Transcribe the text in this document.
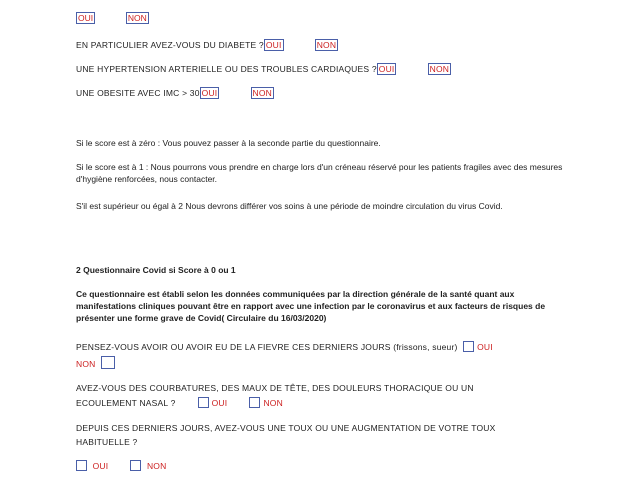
OUI	NON
EN PARTICULIER AVEZ-VOUS DU DIABETE ? OUI	NON
UNE HYPERTENSION ARTERIELLE OU DES TROUBLES CARDIAQUES ? OUI	NON
UNE OBESITE AVEC IMC > 30 OUI	NON
Si le score est à zéro : Vous pouvez passer à la seconde partie du questionnaire.
Si le score est à 1 : Nous pourrons vous prendre en charge lors d'un créneau réservé pour les patients fragiles avec des mesures d'hygiène renforcées, nous contacter.
S'il est supérieur ou égal à 2 Nous devrons différer vos soins à une période de moindre circulation du virus Covid.
2 Questionnaire Covid si Score à 0 ou 1
Ce questionnaire est établi selon les données communiquées par la direction générale de la santé quant aux manifestations cliniques pouvant être en rapport avec une infection par le coronavirus et aux facteurs de risques de présenter une forme grave de Covid( Circulaire du 16/03/2020)
PENSEZ-VOUS AVOIR OU AVOIR EU DE LA FIEVRE CES DERNIERS JOURS (frissons, sueur) OUI
NON
AVEZ-VOUS DES COURBATURES, DES MAUX DE TÊTE, DES DOULEURS THORACIQUE OU UN
ECOULEMENT NASAL ?	OUI	NON
DEPUIS CES DERNIERS JOURS, AVEZ-VOUS UNE TOUX OU UNE AUGMENTATION DE VOTRE TOUX
HABITUELLE ?
OUI	NON
